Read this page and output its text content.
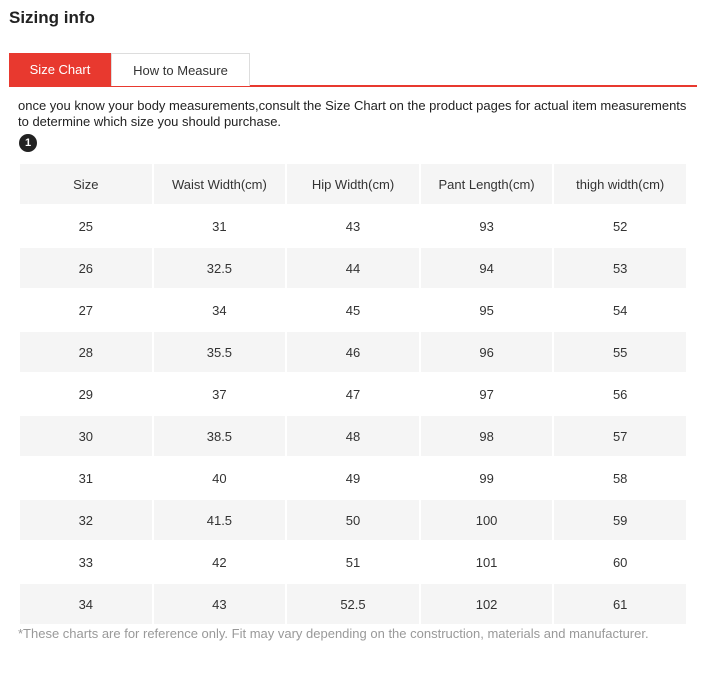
Sizing info
Size Chart	How to Measure

once you know your body measurements,consult the Size Chart on the product pages for actual item measurements to determine which size you should purchase.

1
Size	Waist Width(cm)	Hip Width(cm)	Pant Length(cm)	thigh width(cm)
25	31	43	93	52
26	32.5	44	94	53
27	34	45	95	54
28	35.5	46	96	55
29	37	47	97	56
30	38.5	48	98	57
31	40	49	99	58
32	41.5	50	100	59
33	42	51	101	60
34	43	52.5	102	61

*These charts are for reference only. Fit may vary depending on the construction, materials and manufacturer.
